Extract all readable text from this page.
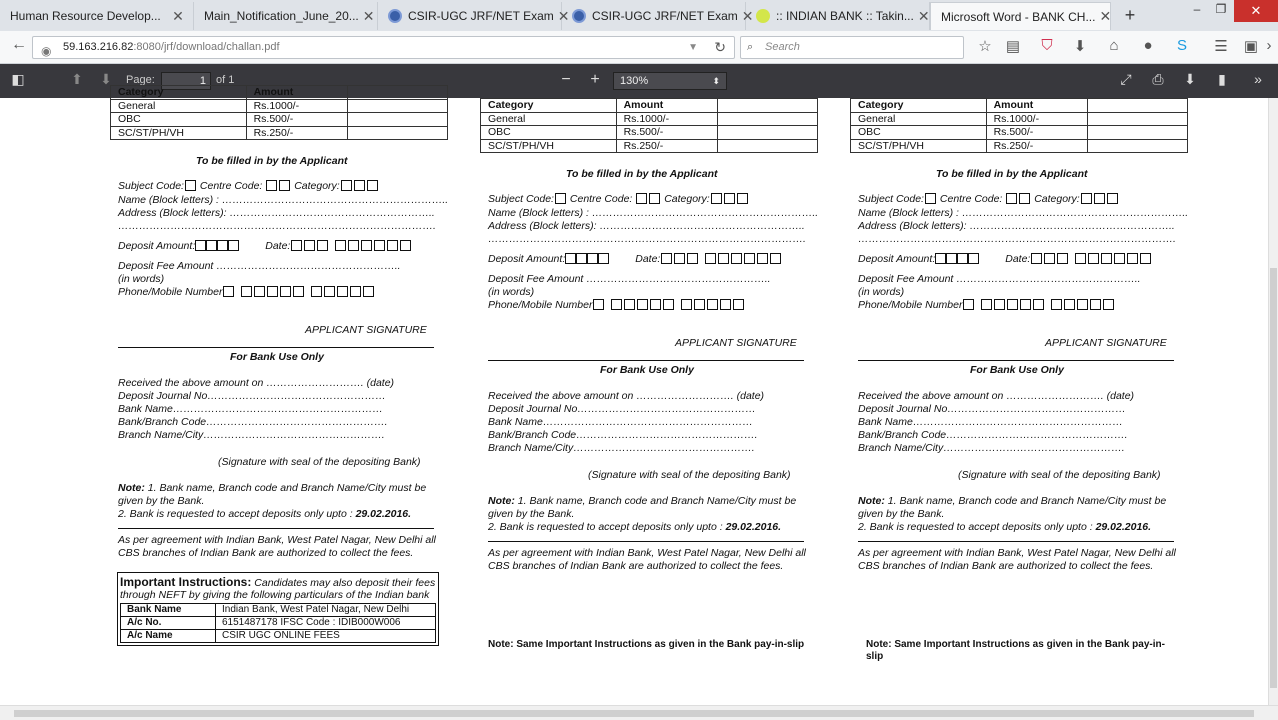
Human Resource Develop... ✕ Main_Notification_June_20... ✕	CSIR-UGC JRF/NET Exam ✕ CSIR-UGC JRF/NET Exam ✕ :: INDIAN BANK :: Takin... ✕ Microsoft Word - BANK CH... ✕ +	–	❐	✕
← ◉ 59.163.216.82:8080/jrf/download/challan.pdf	▼ ↻ ⌕ Search	☆ ▤	⛉	⬇	⌂	●	S	☰ ▣ ›
◧	⬆ ⬇	Page:	1 of 1	−	+	130%	⬍	⤢	⎙	⬇	▮	»
Category	Amount	
General	Rs.1000/-	
OBC	Rs.500/-	
SC/ST/PH/VH	Rs.250/-	
To be filled in by the Applicant
Subject Code: Centre Code:	Category:
Name (Block letters) : ………………………………………………………..
Address (Block letters): …………………………………………………..
……………………………………………………………………………….
Deposit Amount:	Date:
Deposit Fee Amount ……………………………………………..
(in words)
Phone/Mobile Number
APPLICANT SIGNATURE
For Bank Use Only
Received the above amount on ………………………. (date)
Deposit Journal No……………………………………………
Bank Name……………………………………………………
Bank/Branch Code…………………………………………….
Branch Name/City…………………………………………….
(Signature with seal of the depositing Bank)
Note: 1. Bank name, Branch code and Branch Name/City must be given by the Bank.
2. Bank is requested to accept deposits only upto : 29.02.2016.
As per agreement with Indian Bank, West Patel Nagar, New Delhi all CBS branches of Indian Bank are authorized to collect the fees.
Important Instructions: Candidates may also deposit their fees through NEFT by giving the following particulars of the Indian bank
Bank Name	Indian Bank, West Patel Nagar, New Delhi
A/c No.	6151487178 IFSC Code : IDIB000W006
A/c Name	CSIR UGC ONLINE FEES
Category	Amount	
General	Rs.1000/-	
OBC	Rs.500/-	
SC/ST/PH/VH	Rs.250/-	
To be filled in by the Applicant
Subject Code: Centre Code:	Category:
Name (Block letters) : ………………………………………………………..
Address (Block letters): …………………………………………………..
……………………………………………………………………………….
Deposit Amount:	Date:
Deposit Fee Amount ……………………………………………..
(in words)
Phone/Mobile Number
APPLICANT SIGNATURE
For Bank Use Only
Received the above amount on ………………………. (date)
Deposit Journal No……………………………………………
Bank Name……………………………………………………
Bank/Branch Code…………………………………………….
Branch Name/City…………………………………………….
(Signature with seal of the depositing Bank)
Note: 1. Bank name, Branch code and Branch Name/City must be given by the Bank.
2. Bank is requested to accept deposits only upto : 29.02.2016.
As per agreement with Indian Bank, West Patel Nagar, New Delhi all CBS branches of Indian Bank are authorized to collect the fees.
Note: Same Important Instructions as given in the Bank pay-in-slip
Category	Amount	
General	Rs.1000/-	
OBC	Rs.500/-	
SC/ST/PH/VH	Rs.250/-	
To be filled in by the Applicant
Subject Code: Centre Code:	Category:
Name (Block letters) : ………………………………………………………..
Address (Block letters): …………………………………………………..
……………………………………………………………………………….
Deposit Amount:	Date:
Deposit Fee Amount ……………………………………………..
(in words)
Phone/Mobile Number
APPLICANT SIGNATURE
For Bank Use Only
Received the above amount on ………………………. (date)
Deposit Journal No……………………………………………
Bank Name……………………………………………………
Bank/Branch Code…………………………………………….
Branch Name/City…………………………………………….
(Signature with seal of the depositing Bank)
Note: 1. Bank name, Branch code and Branch Name/City must be given by the Bank.
2. Bank is requested to accept deposits only upto : 29.02.2016.
As per agreement with Indian Bank, West Patel Nagar, New Delhi all CBS branches of Indian Bank are authorized to collect the fees.
Note: Same Important Instructions as given in the Bank pay-in- slip
